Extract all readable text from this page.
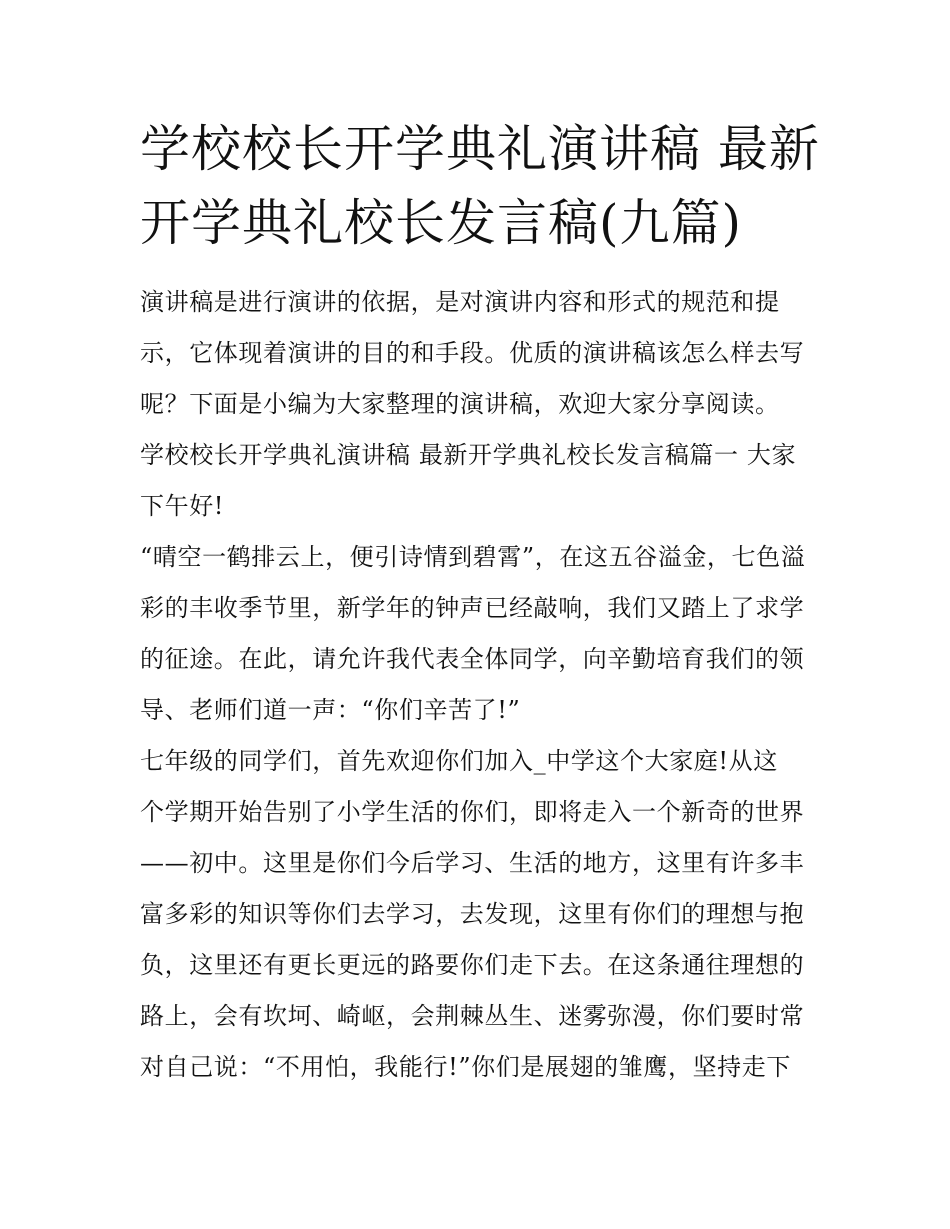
学校校长开学典礼演讲稿 最新
开学典礼校长发言稿(九篇)
演讲稿是进行演讲的依据，是对演讲内容和形式的规范和提
示，它体现着演讲的目的和手段。优质的演讲稿该怎么样去写
呢？下面是小编为大家整理的演讲稿，欢迎大家分享阅读。
学校校长开学典礼演讲稿 最新开学典礼校长发言稿篇一 大家
下午好!
“晴空一鹤排云上，便引诗情到碧霄”，在这五谷溢金，七色溢
彩的丰收季节里，新学年的钟声已经敲响，我们又踏上了求学
的征途。在此，请允许我代表全体同学，向辛勤培育我们的领
导、老师们道一声：“你们辛苦了!”
七年级的同学们，首先欢迎你们加入_中学这个大家庭!从这
个学期开始告别了小学生活的你们，即将走入一个新奇的世界
——初中。这里是你们今后学习、生活的地方，这里有许多丰
富多彩的知识等你们去学习，去发现，这里有你们的理想与抱
负，这里还有更长更远的路要你们走下去。在这条通往理想的
路上，会有坎坷、崎岖，会荆棘丛生、迷雾弥漫，你们要时常
对自己说：“不用怕，我能行!”你们是展翅的雏鹰，坚持走下
